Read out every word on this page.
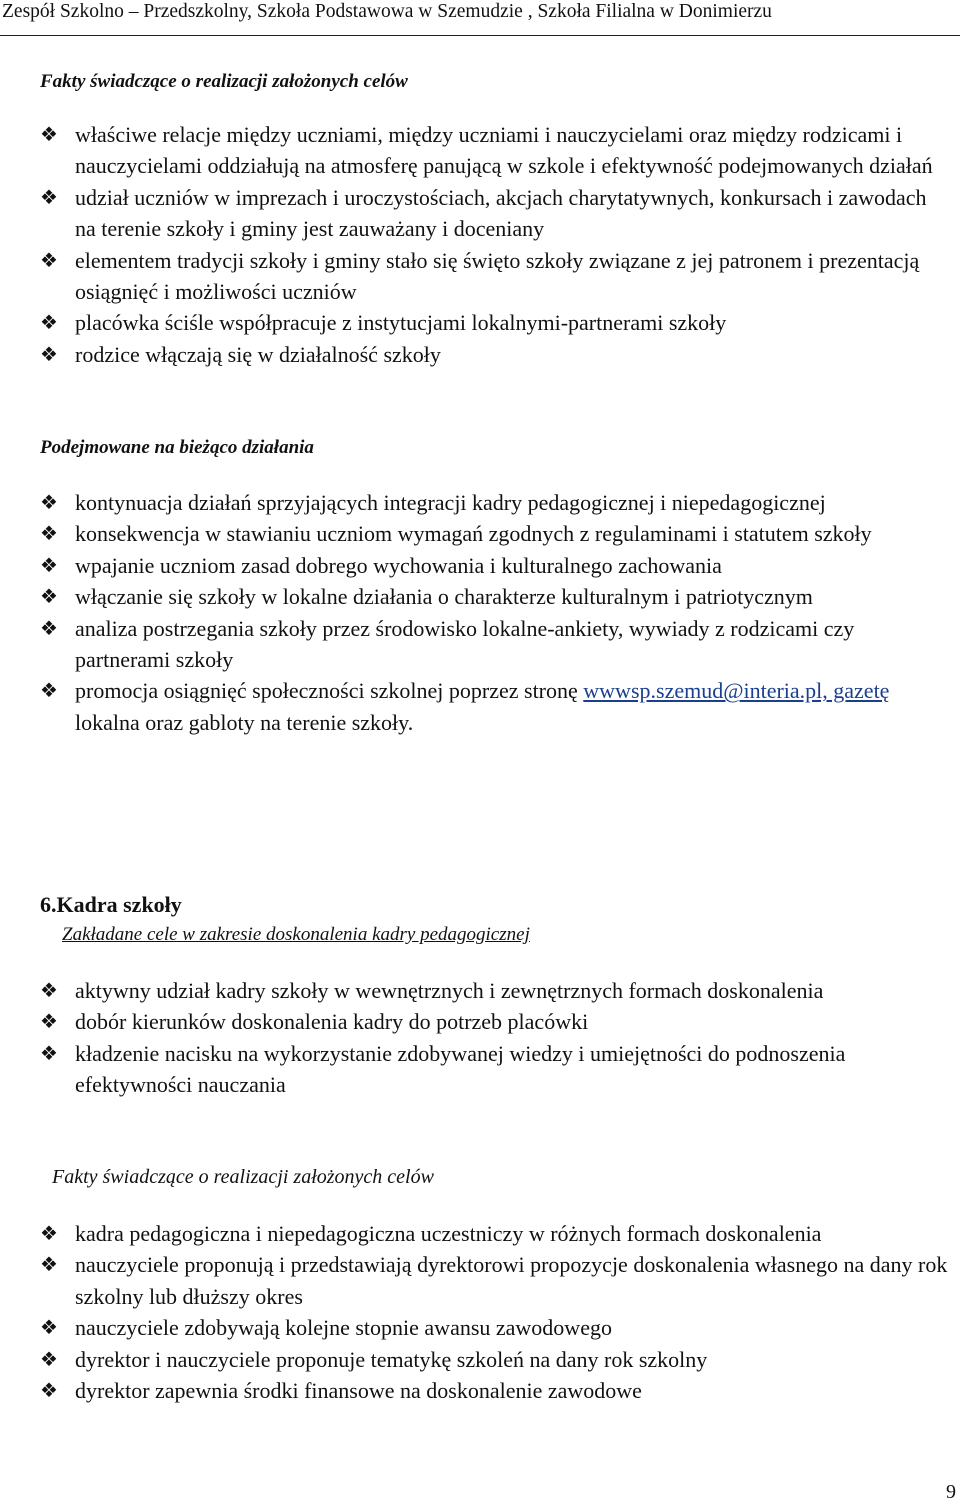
Zespół Szkolno – Przedszkolny, Szkoła Podstawowa w Szemudzie , Szkoła Filialna w Donimierzu
Fakty świadczące o realizacji założonych celów
❖ właściwe relacje między uczniami, między uczniami i nauczycielami oraz między rodzicami i nauczycielami oddziałują na atmosferę panującą w szkole i efektywność podejmowanych działań
❖ udział uczniów w imprezach i uroczystościach, akcjach charytatywnych, konkursach i zawodach na terenie szkoły i gminy jest zauważany i doceniany
❖ elementem tradycji szkoły i gminy stało się święto szkoły związane z jej patronem i prezentacją osiągnięć i możliwości uczniów
❖ placówka ściśle współpracuje z instytucjami lokalnymi-partnerami szkoły
❖ rodzice włączają się w działalność szkoły
Podejmowane na bieżąco działania
❖ kontynuacja działań sprzyjających integracji kadry pedagogicznej i niepedagogicznej
❖ konsekwencja w stawianiu uczniom wymagań zgodnych z regulaminami i statutem szkoły
❖ wpajanie uczniom zasad dobrego wychowania i kulturalnego zachowania
❖ włączanie się szkoły w lokalne działania o charakterze kulturalnym i patriotycznym
❖ analiza postrzegania szkoły przez środowisko lokalne-ankiety, wywiady z rodzicami czy partnerami szkoły
❖ promocja osiągnięć społeczności szkolnej poprzez stronę wwwsp.szemud@interia.pl, gazetę lokalna oraz gabloty na terenie szkoły.
6.Kadra szkoły
Zakładane cele w zakresie doskonalenia kadry pedagogicznej
❖ aktywny udział kadry szkoły w wewnętrznych i zewnętrznych formach doskonalenia
❖ dobór kierunków doskonalenia kadry do potrzeb placówki
❖ kładzenie nacisku na wykorzystanie zdobywanej wiedzy i umiejętności do podnoszenia efektywności nauczania
Fakty świadczące o realizacji założonych celów
❖ kadra pedagogiczna i niepedagogiczna uczestniczy w różnych formach doskonalenia
❖ nauczyciele proponują i przedstawiają dyrektorowi propozycje doskonalenia własnego na dany rok szkolny lub dłuższy okres
❖ nauczyciele zdobywają kolejne stopnie awansu zawodowego
❖ dyrektor i nauczyciele proponuje tematykę szkoleń na dany rok szkolny
❖ dyrektor zapewnia środki finansowe na doskonalenie zawodowe
9
